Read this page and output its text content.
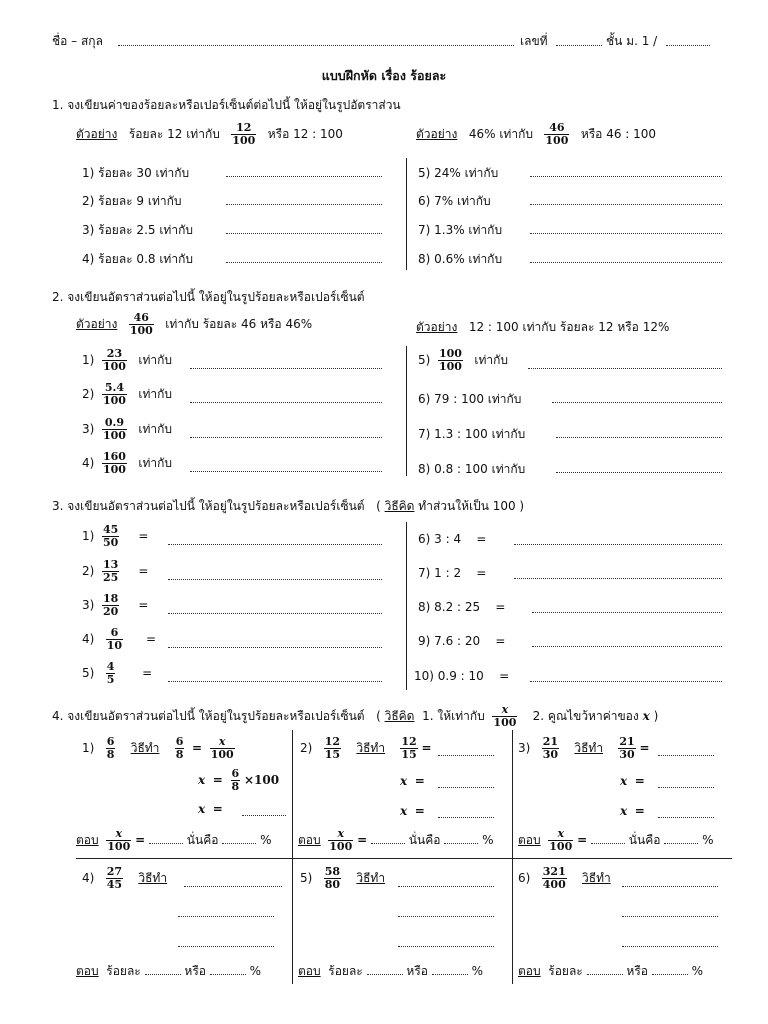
ชื่อ – สกุล	เลขที่	ชั้น ม. 1 /
แบบฝึกหัด เรื่อง ร้อยละ
1. จงเขียนค่าของร้อยละหรือเปอร์เซ็นต์ต่อไปนี้ ให้อยู่ในรูปอัตราส่วน
ตัวอย่าง ร้อยละ 12 เท่ากับ $\frac{12}{100}$ หรือ 12 : 100	ตัวอย่าง 46% เท่ากับ $\frac{46}{100}$ หรือ 46 : 100
1) ร้อยละ 30 เท่ากับ
2) ร้อยละ 9 เท่ากับ
3) ร้อยละ 2.5 เท่ากับ
4) ร้อยละ 0.8 เท่ากับ
5) 24% เท่ากับ
6) 7% เท่ากับ
7) 1.3% เท่ากับ
8) 0.6% เท่ากับ
2. จงเขียนอัตราส่วนต่อไปนี้ ให้อยู่ในรูปร้อยละหรือเปอร์เซ็นต์
ตัวอย่าง $\frac{46}{100}$ เท่ากับ ร้อยละ 46 หรือ 46%	ตัวอย่าง 12 : 100 เท่ากับ ร้อยละ 12 หรือ 12%
$1) \frac{23}{100}$ เท่ากับ
$2) \frac{5.4}{100}$ เท่ากับ
$3) \frac{0.9}{100}$ เท่ากับ
$4) \frac{160}{100}$ เท่ากับ
$5) \frac{100}{100}$ เท่ากับ
6) 79 : 100 เท่ากับ
7) 1.3 : 100 เท่ากับ
8) 0.8 : 100 เท่ากับ
3. จงเขียนอัตราส่วนต่อไปนี้ ให้อยู่ในรูปร้อยละหรือเปอร์เซ็นต์ ( วิธีคิด ทำส่วนให้เป็น 100 )
$1) \frac{45}{50}$ =
$2) \frac{13}{25}$ =
$3) \frac{18}{20}$ =
$4) \frac{6}{10}$ =
$5) \frac{4}{5}$ =
6) 3 : 4 =
7) 1 : 2 =
8) 8.2 : 25 =
9) 7.6 : 20 =
10) 0.9 : 10 =
4. จงเขียนอัตราส่วนต่อไปนี้ ให้อยู่ในรูปร้อยละหรือเปอร์เซ็นต์ ( วิธีคิด 1. ให้เท่ากับ $\frac{x}{100} 2$. คูณไขว้หาค่าของ x )
$1) \frac{6}{8}$ วิธีทำ $\frac{6}{8} = \frac{x}{100}$
$x = \frac{6}{8} \times 100$
x =
$2) \frac{12}{15}$ วิธีทำ $\frac{12}{15}$ =
x =
x =
$3) \frac{21}{30}$ วิธีทำ $\frac{21}{30}$ =
x =
x =
ตอบ $\frac{x}{100}$ =	นั่นคือ	% ตอบ $\frac{x}{100}$ =	นั่นคือ	% ตอบ $\frac{x}{100}$ =	นั่นคือ	%
$4) \frac{27}{45}$ วิธีทำ	$5) \frac{58}{80}$ วิธีทำ	$6) \frac{321}{400}$ วิธีทำ
ตอบ ร้อยละ	หรือ	%	ตอบ ร้อยละ	หรือ	%	ตอบ ร้อยละ	หรือ	%
